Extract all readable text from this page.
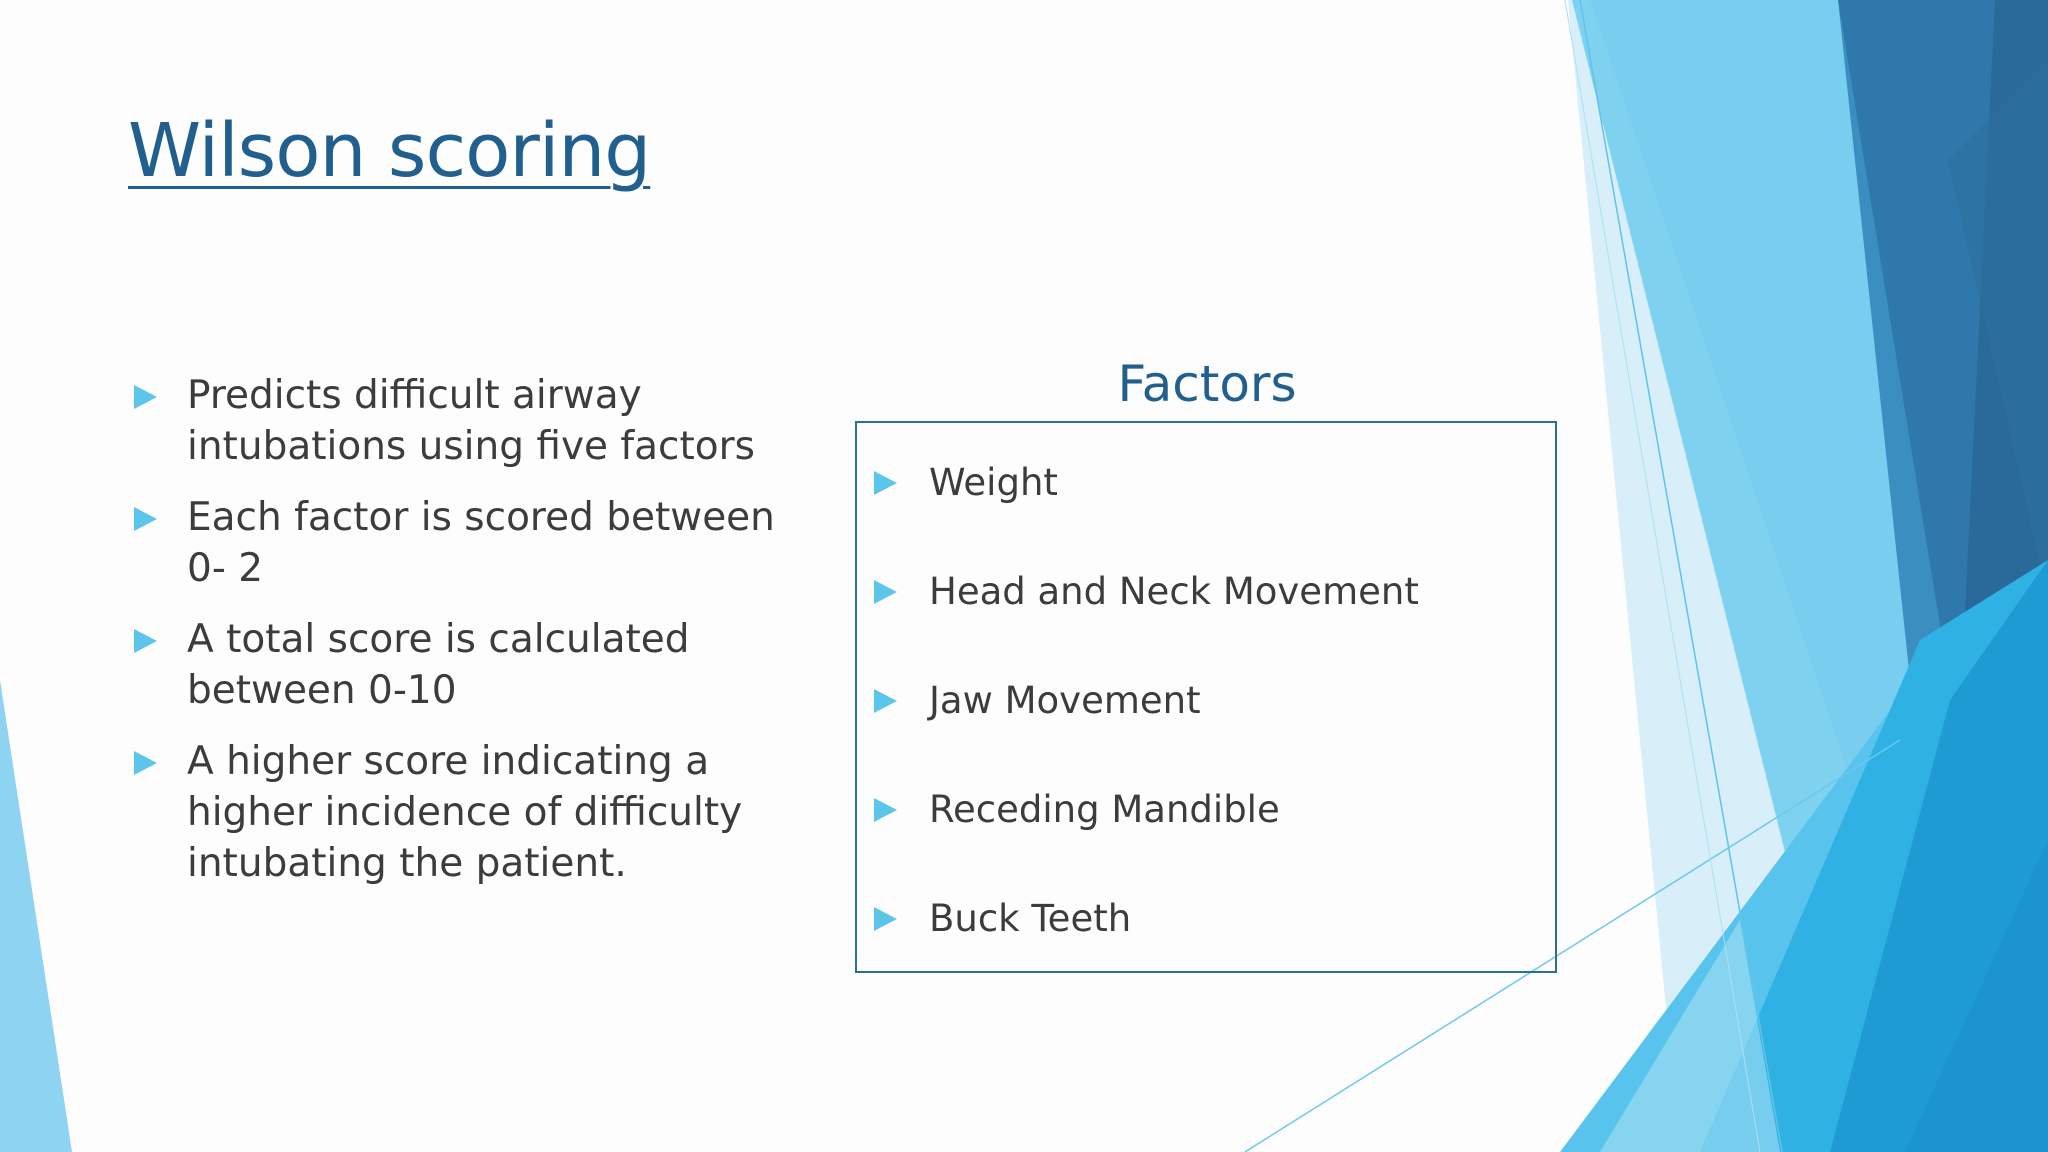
Wilson scoring
Predicts difficult airway intubations using five factors
Each factor is scored between 0- 2
A total score is calculated between 0-10
A higher score indicating a higher incidence of difficulty intubating the patient.
Factors
Weight
Head and Neck Movement
Jaw Movement
Receding Mandible
Buck Teeth
